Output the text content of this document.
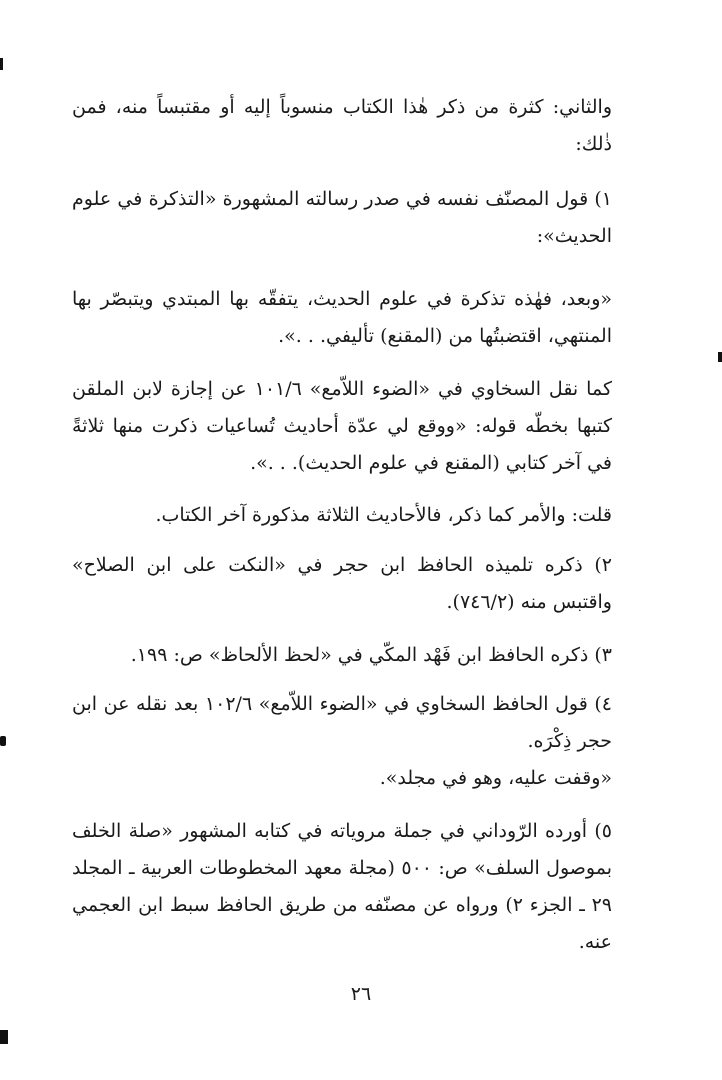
والثاني: كثرة من ذكر هٰذا الكتاب منسوباً إليه أو مقتبساً منه، فمن ذٰلك:

١) قول المصنّف نفسه في صدر رسالته المشهورة «التذكرة في علوم الحديث»:

«وبعد، فهٰذه تذكرة في علوم الحديث، يتفقّه بها المبتدي ويتبصّر بها المنتهي، اقتضبتُها من (المقنع) تأليفي. . .».

كما نقل السخاوي في «الضوء اللاّمع» ١٠١/٦ عن إجازة لابن الملقن كتبها بخطّه قوله: «ووقع لي عدّة أحاديث تُساعيات ذكرت منها ثلاثةً في آخر كتابي (المقنع في علوم الحديث). . .».

قلت: والأمر كما ذكر، فالأحاديث الثلاثة مذكورة آخر الكتاب.

٢) ذكره تلميذه الحافظ ابن حجر في «النكت على ابن الصلاح» واقتبس منه (٧٤٦/٢).

٣) ذكره الحافظ ابن فَهْد المكّي في «لحظ الألحاظ» ص: ١٩٩.

٤) قول الحافظ السخاوي في «الضوء اللاّمع» ١٠٢/٦ بعد نقله عن ابن حجر ذِكْرَه.

«وقفت عليه، وهو في مجلد».

٥) أورده الرّوداني في جملة مروياته في كتابه المشهور «صلة الخلف بموصول السلف» ص: ٥٠٠ (مجلة معهد المخطوطات العربية ـ المجلد ٢٩ ـ الجزء ٢) ورواه عن مصنّفه من طريق الحافظ سبط ابن العجمي عنه.

٢٦
